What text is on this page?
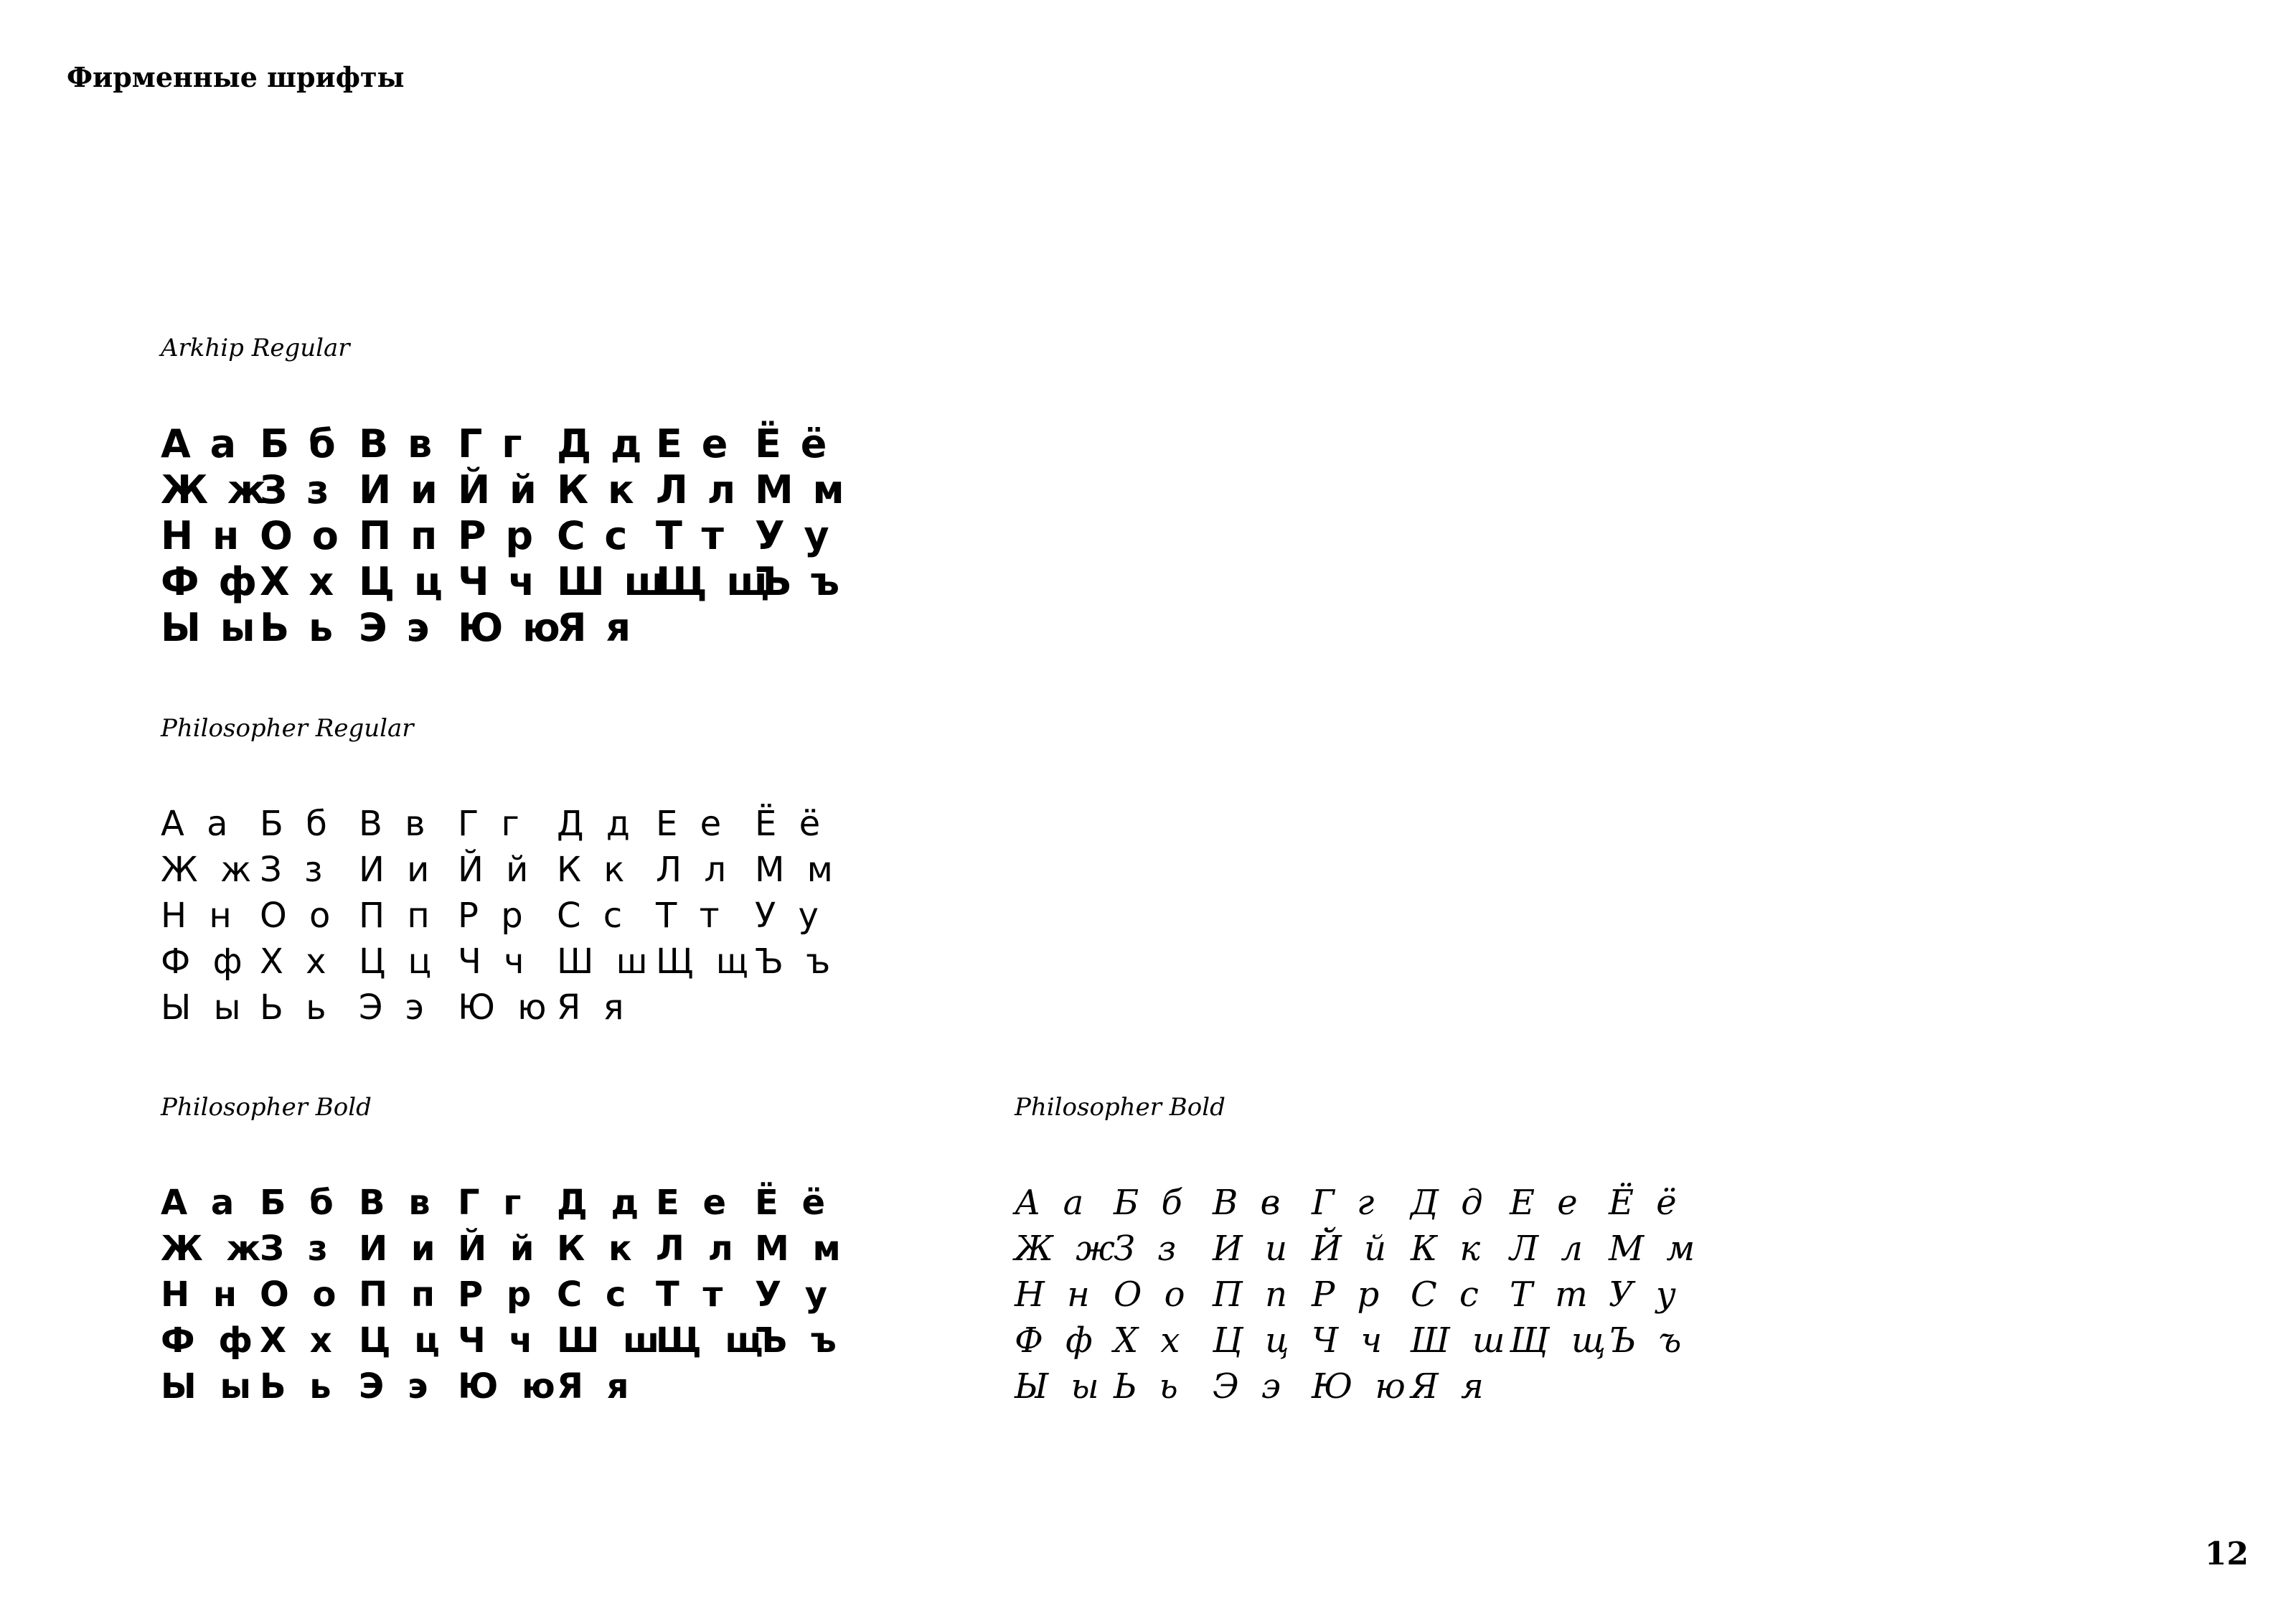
Фирменные шрифты

Arkhip Regular

А а Б б В в Г г Д д Е е Ё ё
Ж ж
З з И и Й й К к Л л М м
Н н О о П п Р р С с Т т У у
Ф ф Х х Ц ц Ч ч Ш ш
Щ щ
Ъ ъ
Ы ы Ь ь Э э Ю ю
Я я

Philosopher Regular

А а Б б В в Г г Д д Е е Ё ё
Ж ж З з И и Й й К к Л л М м
Н н О о П п Р р С с Т т У у
Ф ф Х х Ц ц Ч ч Ш ш Щ щ Ъ ъ
Ы ы Ь ь Э э Ю ю Я я

Philosopher Bold

А а Б б В в Г г Д д Е е Ё ё
Ж ж
З з И и Й й К к Л л М м
Н н О о П п Р р С с Т т У у
Ф ф Х х Ц ц Ч ч Ш ш
Щ щ
Ъ ъ
Ы ы Ь ь Э э Ю ю
Я я

Philosopher Bold

А а Б б В в Г г Д д Е е Ё ё
Ж ж
З з И и Й й К к Л л М м
Н н О о П п Р р С с Т т У у
Ф ф Х х Ц ц Ч ч Ш ш
Щ щ
Ъ ъ
Ы ы Ь ь Э э Ю ю Я я
12
